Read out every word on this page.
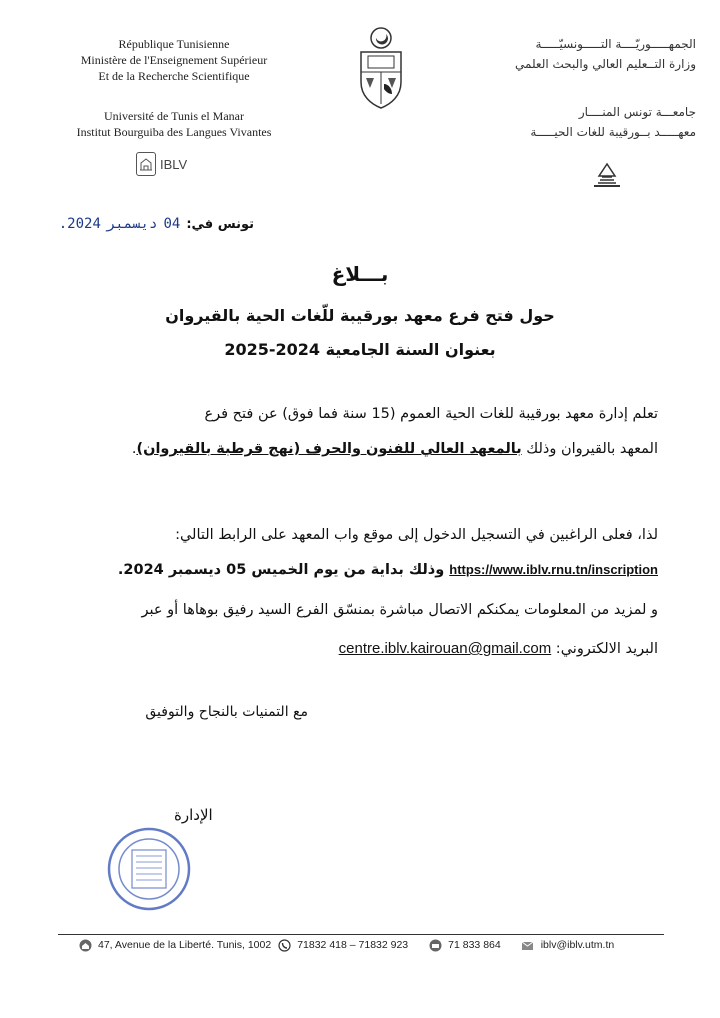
République Tunisienne
Ministère de l'Enseignement Supérieur
Et de la Recherche Scientifique
Université de Tunis el Manar
Institut Bourguiba des Langues Vivantes
IBLV
الجمهـــــوريّــــة التـــــونسيّـــــة
وزارة التــعليم العالي والبحث العلمي
جامعـــة تونس المنــــار
معهـــــد بــورقيبة للغات الحيـــــة
تونس في:
04
ديسمبر
2024.
بـــلاغ
حول فتح فرع معهد بورقيبة للّغات الحية بالقيروان
بعنوان السنة الجامعية 2024-2025
تعلم إدارة معهد بورقيبة للغات الحية العموم (15 سنة فما فوق) عن فتح فرع
المعهد بالقيروان وذلك بالمعهد العالي للفنون والحرف (نهج قرطبة بالقيروان).
لذا، فعلى الراغبين في التسجيل الدخول إلى موقع واب المعهد على الرابط التالي:
https://www.iblv.rnu.tn/inscription وذلك بداية من يوم الخميس 05 ديسمبر 2024.
و لمزيد من المعلومات يمكنكم الاتصال مباشرة بمنسّق الفرع السيد رفيق بوهاها أو عبر
البريد الالكتروني: centre.iblv.kairouan@gmail.com
مع التمنيات بالنجاح والتوفيق
الإدارة
47, Avenue de la Liberté. Tunis, 1002 71832 418 – 71832 923	71 833 864	iblv@iblv.utm.tn
